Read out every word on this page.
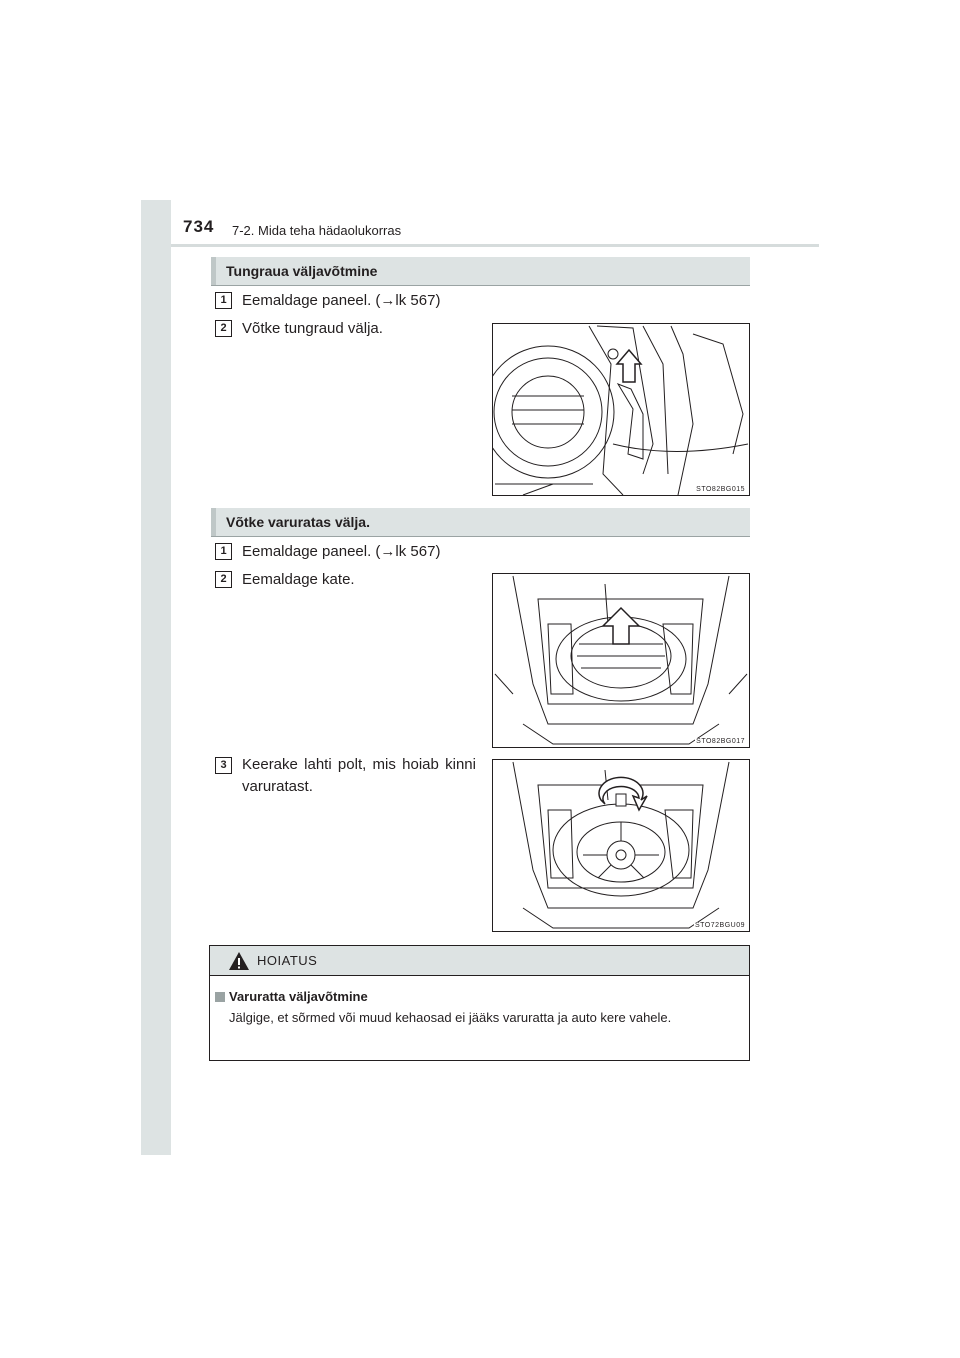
734 7-2. Mida teha hädaolukorras
Tungraua väljavõtmine
1	Eemaldage paneel. (→lk 567)
2	Võtke tungraud välja.
STO82BG015
Võtke varuratas välja.
1	Eemaldage paneel. (→lk 567)
2	Eemaldage kate.
STO82BG017
3	Keerake lahti polt, mis hoiab kinni varuratast.
STO72BGU09
HOIATUS
Varuratta väljavõtmine
Jälgige, et sõrmed või muud kehaosad ei jääks varuratta ja auto kere vahele.
